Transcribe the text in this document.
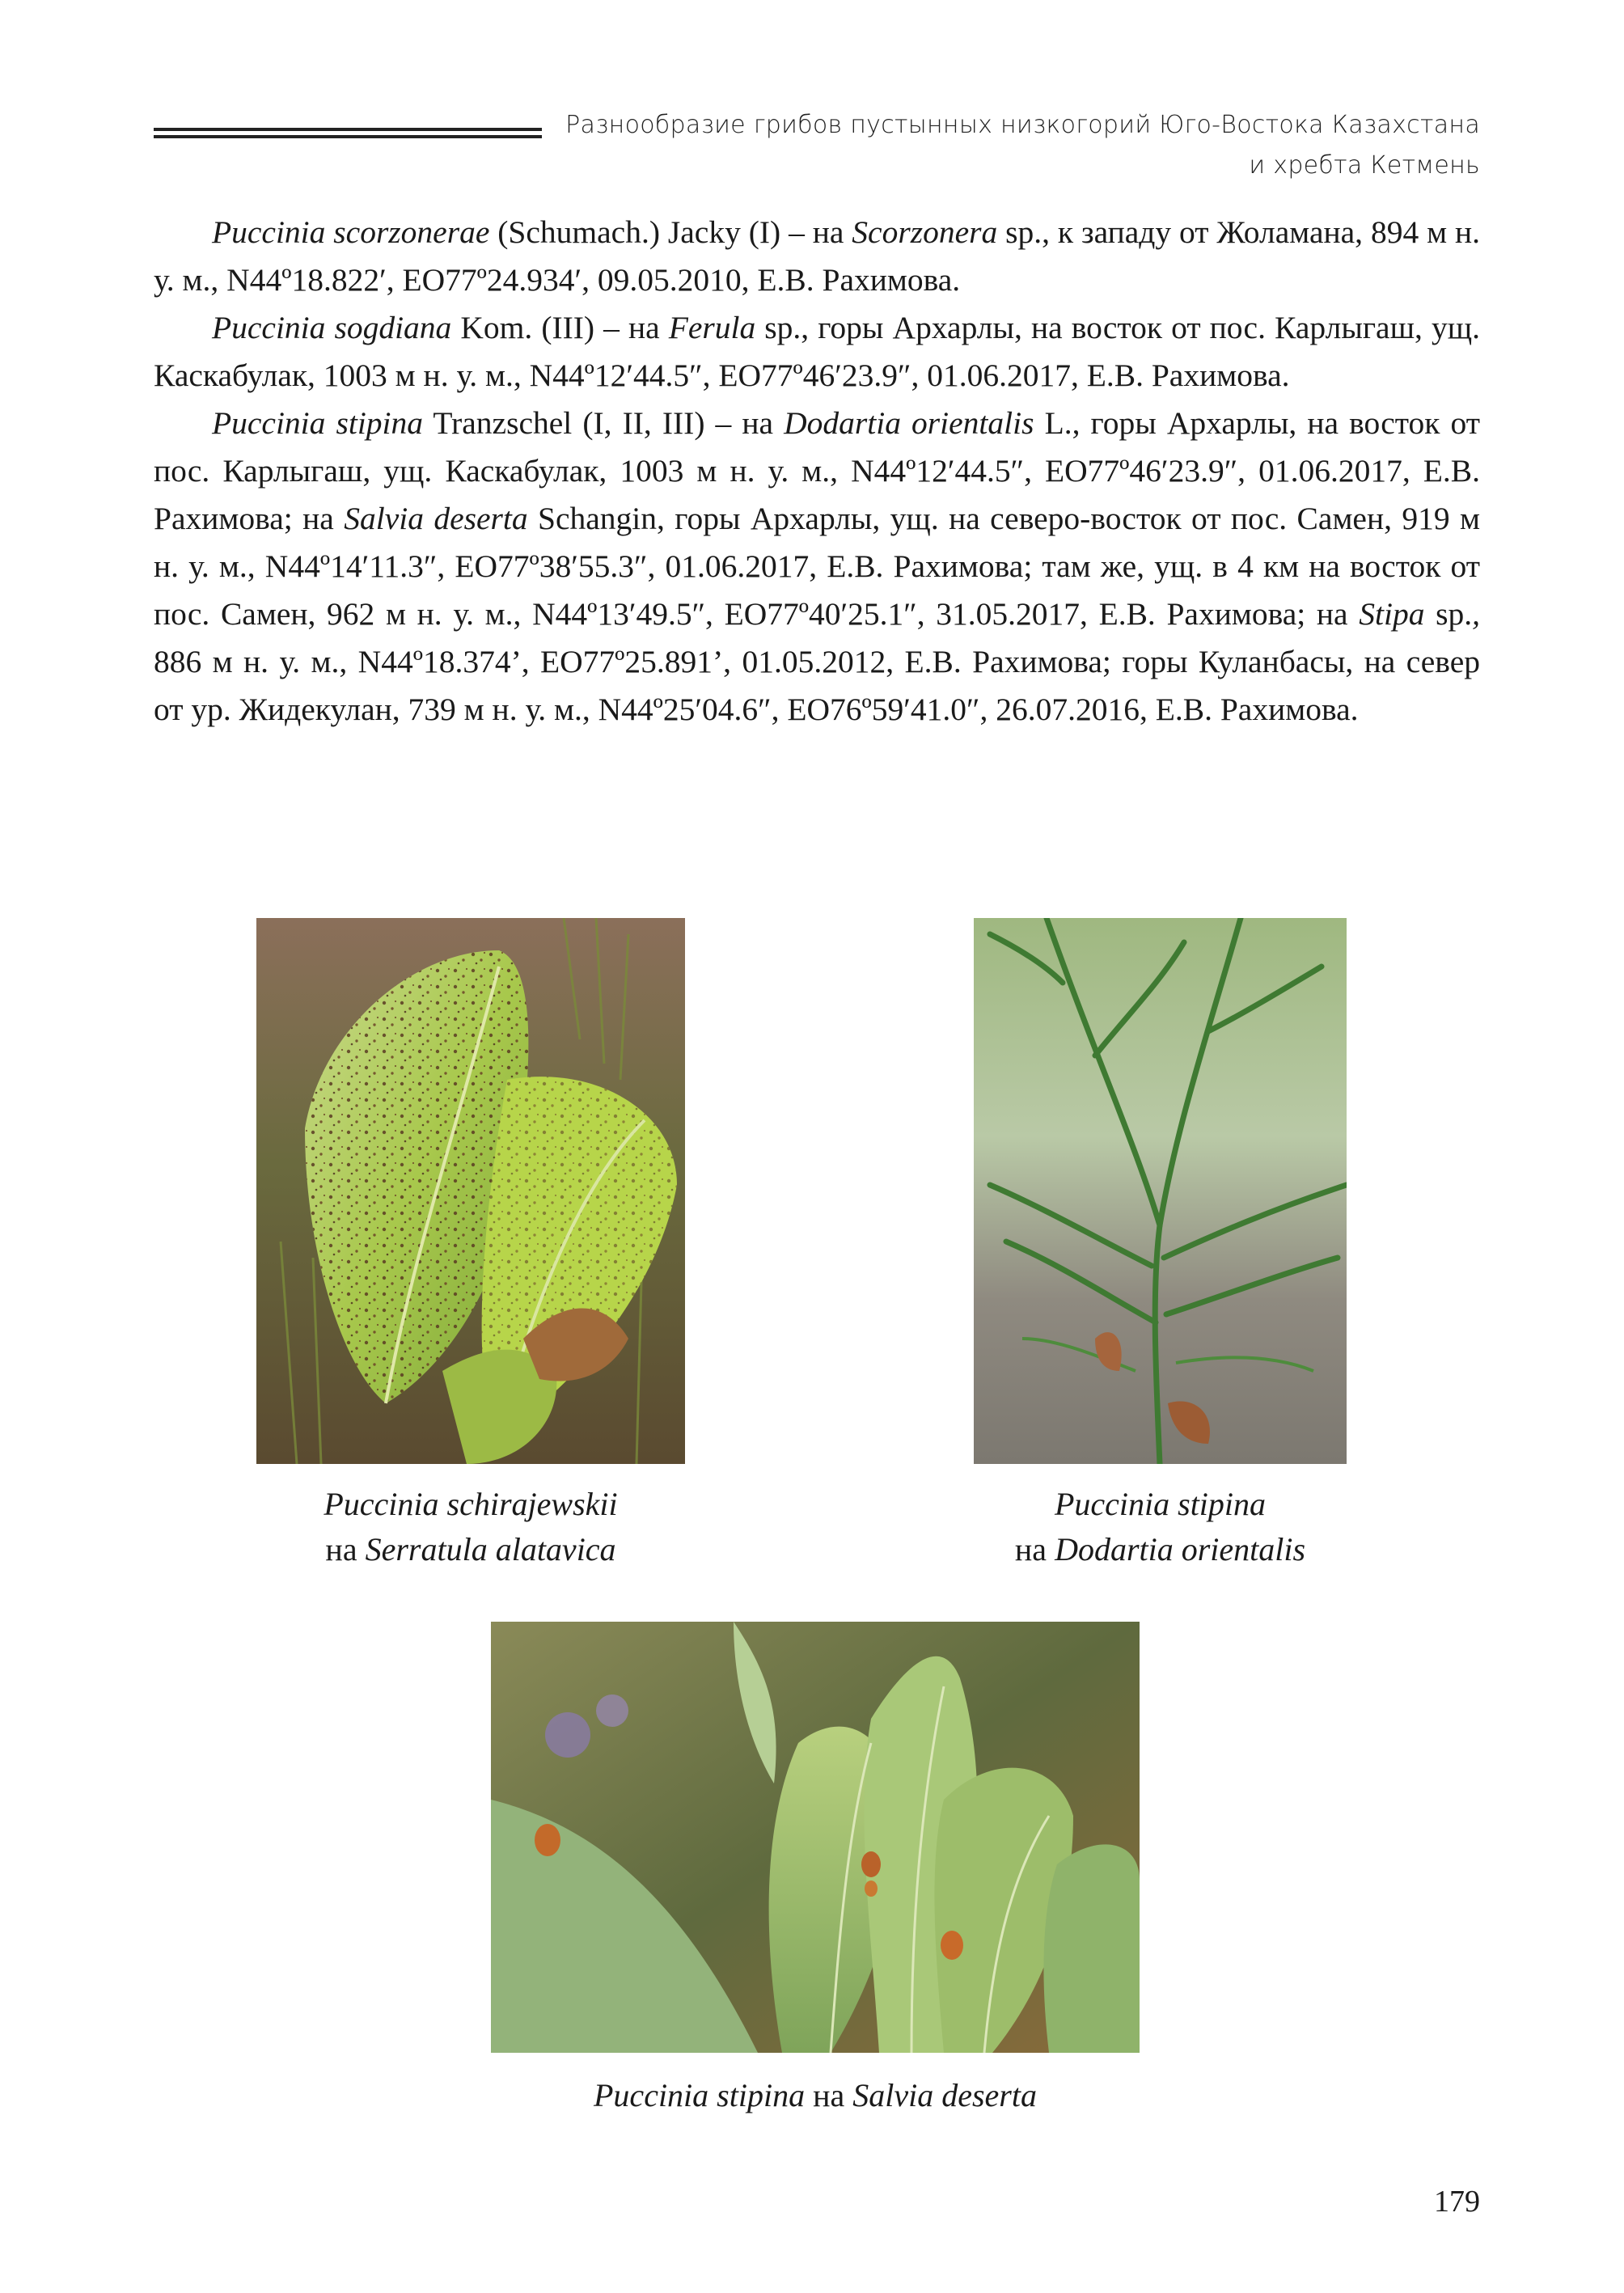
Разнообразие грибов пустынных низкогорий Юго-Востока Казахстана
и хребта Кетмень

Puccinia scorzonerae (Schumach.) Jacky (I) – на Scorzonera sp., к западу от Жоламана, 894 м н. у. м., N44º18.822′, EO77º24.934′, 09.05.2010, Е.В. Рахимова.

Puccinia sogdiana Kom. (III) – на Ferula sp., горы Архарлы, на восток от пос. Карлыгаш, ущ. Каскабулак, 1003 м н. у. м., N44º12′44.5″, EO77º46′23.9″, 01.06.2017, Е.В. Рахимова.

Puccinia stipina Tranzschel (I, II, III) – на Dodartia orientalis L., горы Архарлы, на восток от пос. Карлыгаш, ущ. Каскабулак, 1003 м н. у. м., N44º12′44.5″, EO77º46′23.9″, 01.06.2017, Е.В. Рахимова; на Salvia deserta Schangin, горы Архарлы, ущ. на северо-восток от пос. Самен, 919 м н. у. м., N44º14′11.3″, EO77º38′55.3″, 01.06.2017, Е.В. Рахимова; там же, ущ. в 4 км на восток от пос. Самен, 962 м н. у. м., N44º13′49.5″, EO77º40′25.1″, 31.05.2017, Е.В. Рахимова; на Stipa sp., 886 м н. у. м., N44º18.374’, EO77º25.891’, 01.05.2012, Е.В. Рахимова; горы Куланбасы, на север от ур. Жидекулан, 739 м н. у. м., N44º25′04.6″, EO76º59′41.0″, 26.07.2016, Е.В. Рахимова.

Puccinia schirajewskii
на Serratula alatavica
Puccinia stipina
на Dodartia orientalis
Puccinia stipina на Salvia deserta
179
